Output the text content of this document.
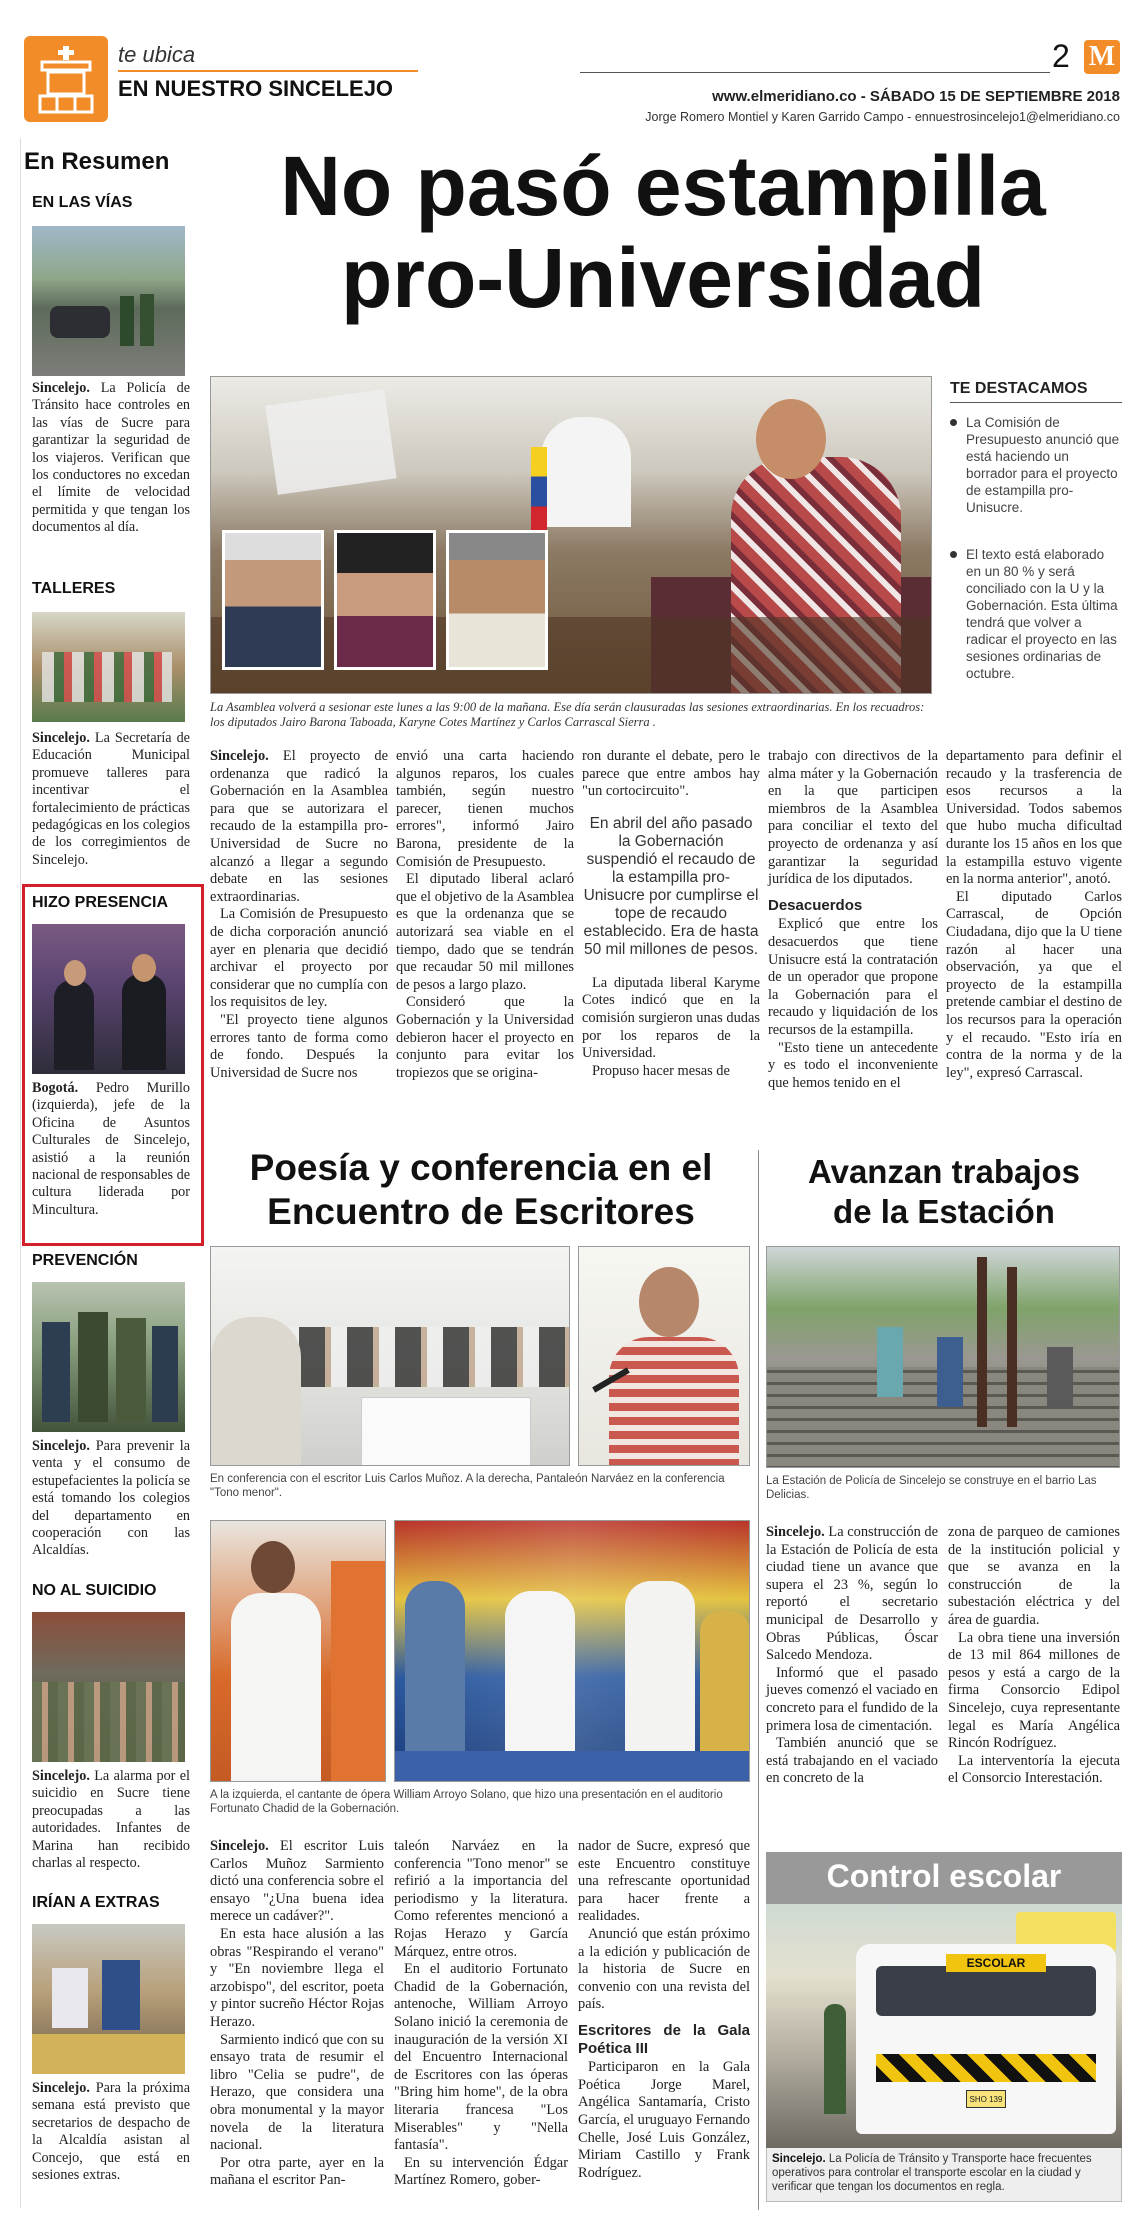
te ubica
EN NUESTRO SINCELEJO
2 M
www.elmeridiano.co - SÁBADO 15 DE SEPTIEMBRE 2018
Jorge Romero Montiel y Karen Garrido Campo - ennuestrosincelejo1@elmeridiano.co
En Resumen
EN LAS VÍAS
Sincelejo. La Policía de Tránsito hace controles en las vías de Sucre para garantizar la seguridad de los viajeros. Verifican que los conductores no excedan el límite de velocidad permitida y que tengan los documentos al día.
TALLERES
Sincelejo. La Secretaría de Educación Municipal promueve talleres para incentivar el fortalecimiento de prácticas pedagógicas en los colegios de los corregimientos de Sincelejo.
HIZO PRESENCIA
Bogotá. Pedro Murillo (izquierda), jefe de la Oficina de Asuntos Culturales de Sincelejo, asistió a la reunión nacional de responsables de cultura liderada por Mincultura.
PREVENCIÓN
Sincelejo. Para prevenir la venta y el consumo de estupefacientes la policía se está tomando los colegios del departamento en cooperación con las Alcaldías.
NO AL SUICIDIO
Sincelejo. La alarma por el suicidio en Sucre tiene preocupadas a las autoridades. Infantes de Marina han recibido charlas al respecto.
IRÍAN A EXTRAS
Sincelejo. Para la próxima semana está previsto que secretarios de despacho de la Alcaldía asistan al Concejo, que está en sesiones extras.
No pasó estampilla
pro-Universidad
La Asamblea volverá a sesionar este lunes a las 9:00 de la mañana. Ese día serán clausuradas las sesiones extraordinarias. En los recuadros: los diputados Jairo Barona Taboada, Karyne Cotes Martínez y Carlos Carrascal Sierra .
TE DESTACAMOS
La Comisión de Presupuesto anunció que está haciendo un borrador para el proyecto de estampilla pro-Unisucre.
El texto está elaborado en un 80 % y será conciliado con la U y la Gobernación. Esta última tendrá que volver a radicar el proyecto en las sesiones ordinarias de octubre.

Sincelejo. El proyecto de ordenanza que radicó la Gobernación en la Asamblea para que se autorizara el recaudo de la estampilla pro-Universidad de Sucre no alcanzó a llegar a segundo debate en las sesiones extraordinarias.

La Comisión de Presupuesto de dicha corporación anunció ayer en plenaria que decidió archivar el proyecto por considerar que no cumplía con los requisitos de ley.

"El proyecto tiene algunos errores tanto de forma como de fondo. Después la Universidad de Sucre nos

envió una carta haciendo algunos reparos, los cuales también, según nuestro parecer, tienen muchos errores", informó Jairo Barona, presidente de la Comisión de Presupuesto.

El diputado liberal aclaró que el objetivo de la Asamblea es que la ordenanza que se autorizará sea viable en el tiempo, dado que se tendrán que recaudar 50 mil millones de pesos a largo plazo.

Consideró que la Gobernación y la Universidad debieron hacer el proyecto en conjunto para evitar los tropiezos que se origina-

ron durante el debate, pero le parece que entre ambos hay "un cortocircuito".

En abril del año pasado la Gobernación suspendió el recaudo de la estampilla pro-Unisucre por cumplirse el tope de recaudo establecido. Era de hasta 50 mil millones de pesos.

La diputada liberal Karyme Cotes indicó que en la comisión surgieron unas dudas por los reparos de la Universidad.

Propuso hacer mesas de

trabajo con directivos de la alma máter y la Gobernación en la que participen miembros de la Asamblea para conciliar el texto del proyecto de ordenanza y así garantizar la seguridad jurídica de los diputados.

Desacuerdos

Explicó que entre los desacuerdos que tiene Unisucre está la contratación de un operador que propone la Gobernación para el recaudo y liquidación de los recursos de la estampilla.

"Esto tiene un antecedente y es todo el inconveniente que hemos tenido en el

departamento para definir el recaudo y la trasferencia de esos recursos a la Universidad. Todos sabemos que hubo mucha dificultad durante los 15 años en los que la estampilla estuvo vigente en la norma anterior", anotó.

El diputado Carlos Carrascal, de Opción Ciudadana, dijo que la U tiene razón al hacer una observación, ya que el proyecto de la estampilla pretende cambiar el destino de los recursos para la operación y el recaudo. "Esto iría en contra de la norma y de la ley", expresó Carrascal.

Poesía y conferencia en el
Encuentro de Escritores
En conferencia con el escritor Luis Carlos Muñoz. A la derecha, Pantaleón Narváez en la conferencia "Tono menor".
A la izquierda, el cantante de ópera William Arroyo Solano, que hizo una presentación en el auditorio Fortunato Chadid de la Gobernación.

Sincelejo. El escritor Luis Carlos Muñoz Sarmiento dictó una conferencia sobre el ensayo "¿Una buena idea merece un cadáver?".

En esta hace alusión a las obras "Respirando el verano" y "En noviembre llega el arzobispo", del escritor, poeta y pintor sucreño Héctor Rojas Herazo.

Sarmiento indicó que con su ensayo trata de resumir el libro "Celia se pudre", de Herazo, que considera una obra monumental y la mayor novela de la literatura nacional.

Por otra parte, ayer en la mañana el escritor Pan-

taleón Narváez en la conferencia "Tono menor" se refirió a la importancia del periodismo y la literatura. Como referentes mencionó a Rojas Herazo y García Márquez, entre otros.

En el auditorio Fortunato Chadid de la Gobernación, antenoche, William Arroyo Solano inició la ceremonia de inauguración de la versión XI del Encuentro Internacional de Escritores con las óperas "Bring him home", de la obra literaria francesa "Los Miserables" y "Nella fantasía".

En su intervención Édgar Martínez Romero, gober-

nador de Sucre, expresó que este Encuentro constituye una refrescante oportunidad para hacer frente a realidades.

Anunció que están próximo a la edición y publicación de la historia de Sucre en convenio con una revista del país.

Escritores de la Gala Poética III

Participaron en la Gala Poética Jorge Marel, Angélica Santamaría, Cristo García, el uruguayo Fernando Chelle, José Luis González, Miriam Castillo y Frank Rodríguez.

Avanzan trabajos
de la Estación
La Estación de Policía de Sincelejo se construye en el barrio Las Delicias.

Sincelejo. La construcción de la Estación de Policía de esta ciudad tiene un avance que supera el 23 %, según lo reportó el secretario municipal de Desarrollo y Obras Públicas, Óscar Salcedo Mendoza.

Informó que el pasado jueves comenzó el vaciado en concreto para el fundido de la primera losa de cimentación.

También anunció que se está trabajando en el vaciado en concreto de la

zona de parqueo de camiones de la institución policial y que se avanza en la construcción de la subestación eléctrica y del área de guardia.

La obra tiene una inversión de 13 mil 864 millones de pesos y está a cargo de la firma Consorcio Edipol Sincelejo, cuya representante legal es María Angélica Rincón Rodríguez.

La interventoría la ejecuta el Consorcio Interestación.

Control escolar
ESCOLAR
SHO 139
Sincelejo. La Policía de Tránsito y Transporte hace frecuentes operativos para controlar el transporte escolar en la ciudad y verificar que tengan los documentos en regla.
